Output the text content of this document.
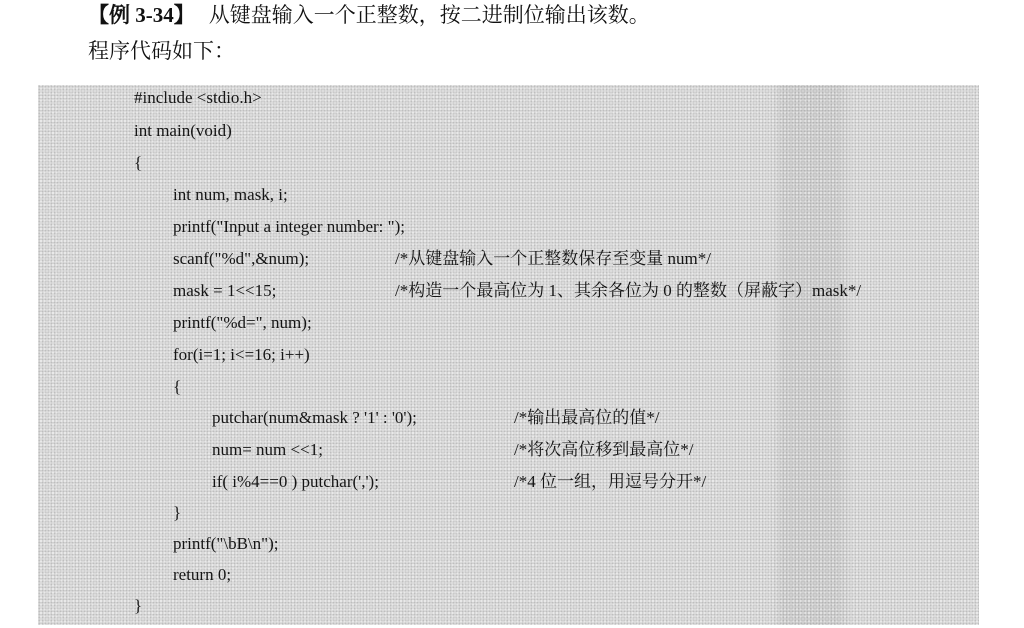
【例 3-34】 从键盘输入一个正整数，按二进制位输出该数。
程序代码如下：
#include <stdio.h>
int main(void)
{
int num, mask, i;
printf("Input a integer number: ");
scanf("%d",&num);	/*从键盘输入一个正整数保存至变量 num*/
mask = 1<<15;	/*构造一个最高位为 1、其余各位为 0 的整数（屏蔽字）mask*/
printf("%d=", num);
for(i=1; i<=16; i++)
{
putchar(num&mask ? '1' : '0');	/*输出最高位的值*/
num= num <<1;	/*将次高位移到最高位*/
if( i%4==0 ) putchar(',');	/*4 位一组，用逗号分开*/
}
printf("\bB\n");
return 0;
}
